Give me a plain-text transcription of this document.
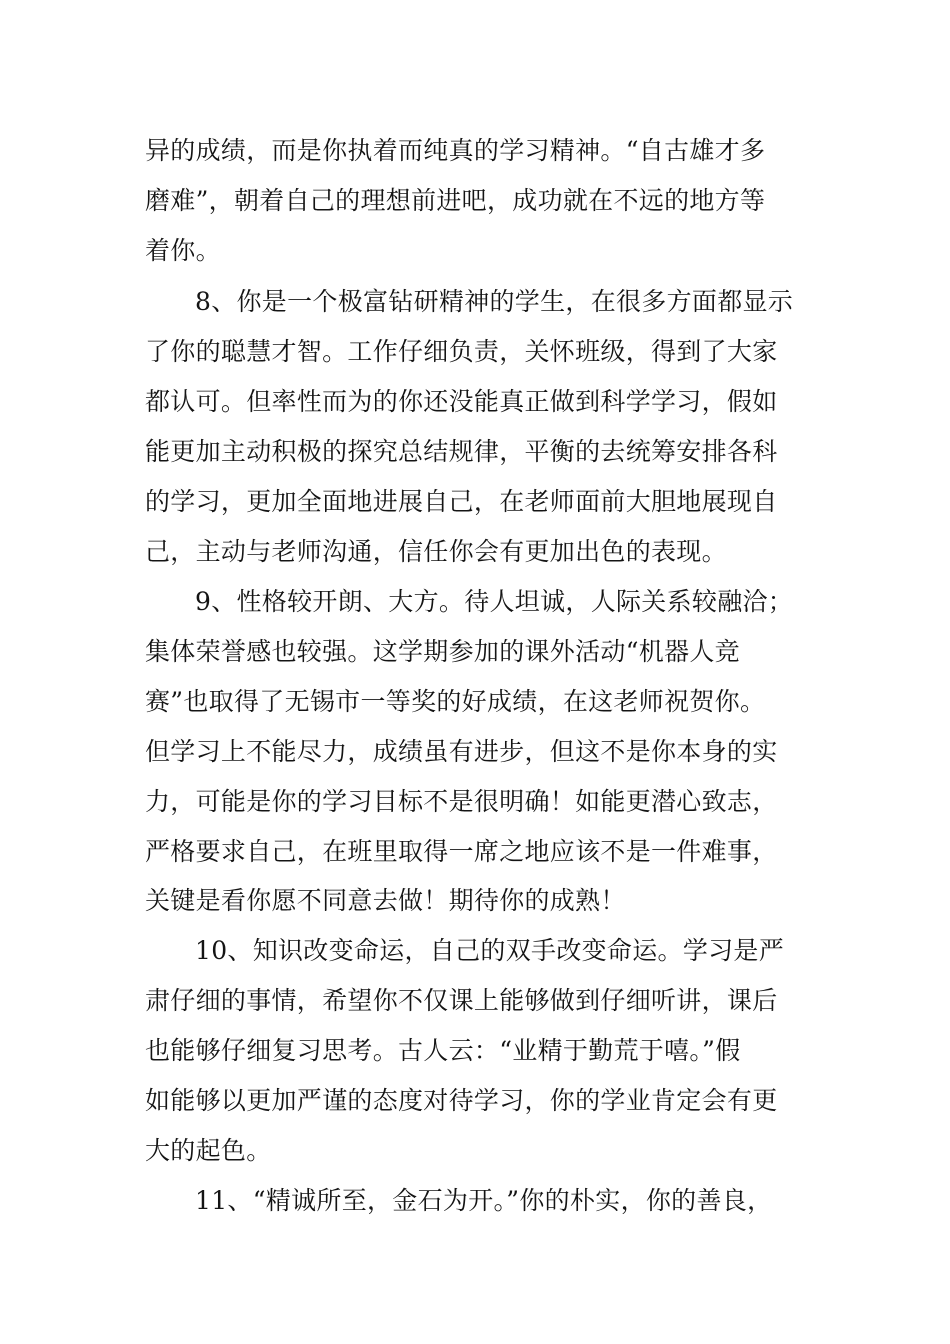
异的成绩，而是你执着而纯真的学习精神。“自古雄才多
磨难”，朝着自己的理想前进吧，成功就在不远的地方等
着你。
8、你是一个极富钻研精神的学生，在很多方面都显示
了你的聪慧才智。工作仔细负责，关怀班级，得到了大家
都认可。但率性而为的你还没能真正做到科学学习，假如
能更加主动积极的探究总结规律，平衡的去统筹安排各科
的学习，更加全面地进展自己，在老师面前大胆地展现自
己，主动与老师沟通，信任你会有更加出色的表现。
9、性格较开朗、大方。待人坦诚，人际关系较融洽；
集体荣誉感也较强。这学期参加的课外活动“机器人竞
赛”也取得了无锡市一等奖的好成绩，在这老师祝贺你。
但学习上不能尽力，成绩虽有进步，但这不是你本身的实
力，可能是你的学习目标不是很明确！如能更潜心致志，
严格要求自己，在班里取得一席之地应该不是一件难事，
关键是看你愿不同意去做！期待你的成熟！
10、知识改变命运，自己的双手改变命运。学习是严
肃仔细的事情，希望你不仅课上能够做到仔细听讲，课后
也能够仔细复习思考。古人云：“业精于勤荒于嘻。”假
如能够以更加严谨的态度对待学习，你的学业肯定会有更
大的起色。
11、“精诚所至，金石为开。”你的朴实，你的善良，
